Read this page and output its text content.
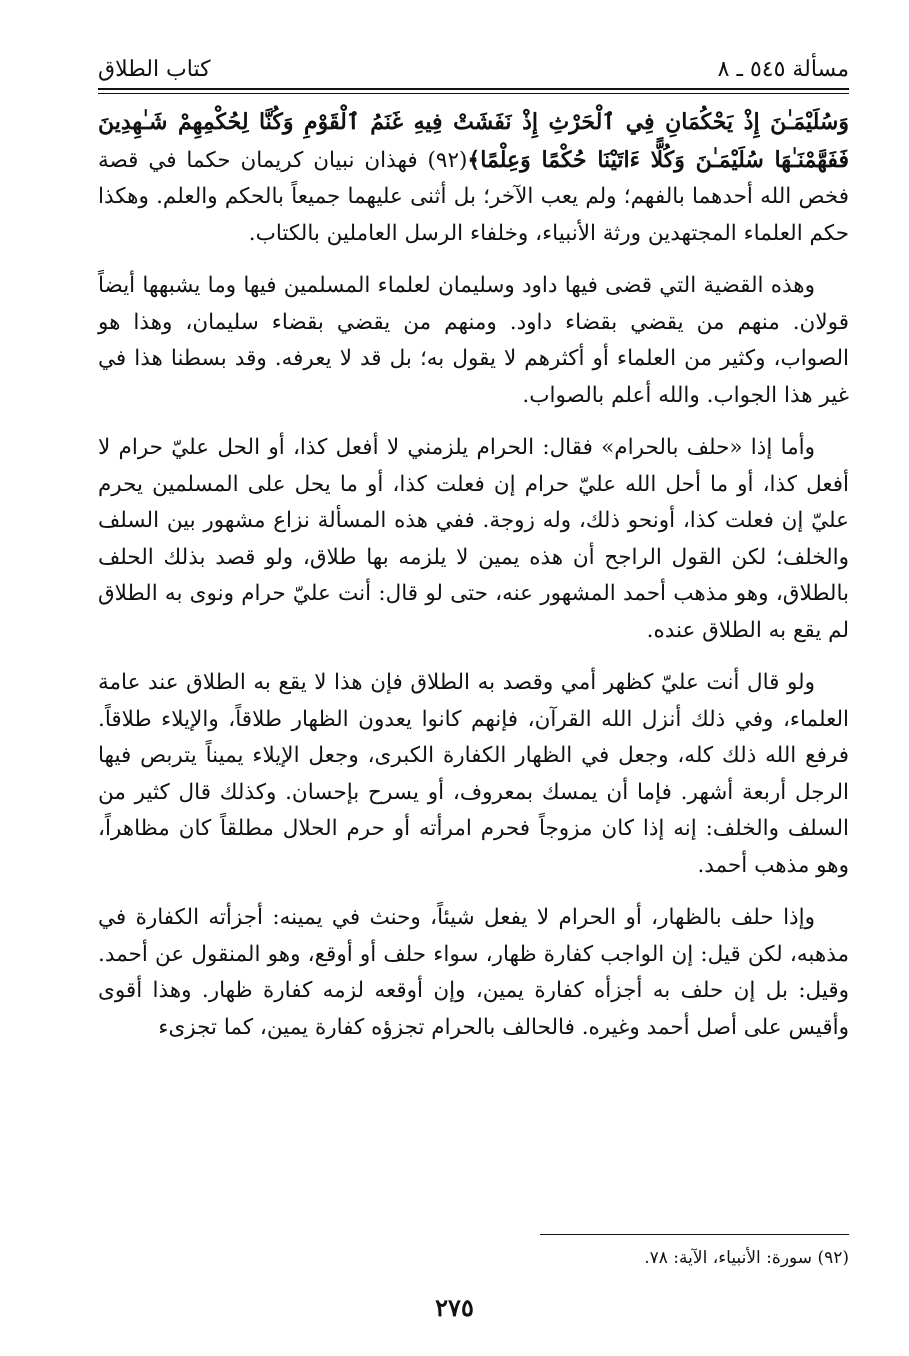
مسألة ٥٤٥ ـ ٨
كتاب الطلاق

وَسُلَيْمَـٰنَ إِذْ يَحْكُمَانِ فِي ٱلْحَرْثِ إِذْ نَفَشَتْ فِيهِ غَنَمُ ٱلْقَوْمِ وَكُنَّا لِحُكْمِهِمْ شَـٰهِدِينَ فَفَهَّمْنَـٰهَا سُلَيْمَـٰنَ وَكُلًّا ءَاتَيْنَا حُكْمًا وَعِلْمًا﴾(٩٢) فهذان نبيان كريمان حكما في قصة فخص الله أحدهما بالفهم؛ ولم يعب الآخر؛ بل أثنى عليهما جميعاً بالحكم والعلم. وهكذا حكم العلماء المجتهدين ورثة الأنبياء، وخلفاء الرسل العاملين بالكتاب.

وهذه القضية التي قضى فيها داود وسليمان لعلماء المسلمين فيها وما يشبهها أيضاً قولان. منهم من يقضي بقضاء داود. ومنهم من يقضي بقضاء سليمان، وهذا هو الصواب، وكثير من العلماء أو أكثرهم لا يقول به؛ بل قد لا يعرفه. وقد بسطنا هذا في غير هذا الجواب. والله أعلم بالصواب.

وأما إذا «حلف بالحرام» فقال: الحرام يلزمني لا أفعل كذا، أو الحل عليّ حرام لا أفعل كذا، أو ما أحل الله عليّ حرام إن فعلت كذا، أو ما يحل على المسلمين يحرم عليّ إن فعلت كذا، أونحو ذلك، وله زوجة. ففي هذه المسألة نزاع مشهور بين السلف والخلف؛ لكن القول الراجح أن هذه يمين لا يلزمه بها طلاق، ولو قصد بذلك الحلف بالطلاق، وهو مذهب أحمد المشهور عنه، حتى لو قال: أنت عليّ حرام ونوى به الطلاق لم يقع به الطلاق عنده.

ولو قال أنت عليّ كظهر أمي وقصد به الطلاق فإن هذا لا يقع به الطلاق عند عامة العلماء، وفي ذلك أنزل الله القرآن، فإنهم كانوا يعدون الظهار طلاقاً، والإيلاء طلاقاً. فرفع الله ذلك كله، وجعل في الظهار الكفارة الكبرى، وجعل الإيلاء يميناً يتربص فيها الرجل أربعة أشهر. فإما أن يمسك بمعروف، أو يسرح بإحسان. وكذلك قال كثير من السلف والخلف: إنه إذا كان مزوجاً فحرم امرأته أو حرم الحلال مطلقاً كان مظاهراً، وهو مذهب أحمد.

وإذا حلف بالظهار، أو الحرام لا يفعل شيئاً، وحنث في يمينه: أجزأته الكفارة في مذهبه، لكن قيل: إن الواجب كفارة ظهار، سواء حلف أو أوقع، وهو المنقول عن أحمد. وقيل: بل إن حلف به أجزأه كفارة يمين، وإن أوقعه لزمه كفارة ظهار. وهذا أقوى وأقيس على أصل أحمد وغيره. فالحالف بالحرام تجزؤه كفارة يمين، كما تجزىء

(٩٢) سورة: الأنبياء، الآية: ٧٨.
٢٧٥
